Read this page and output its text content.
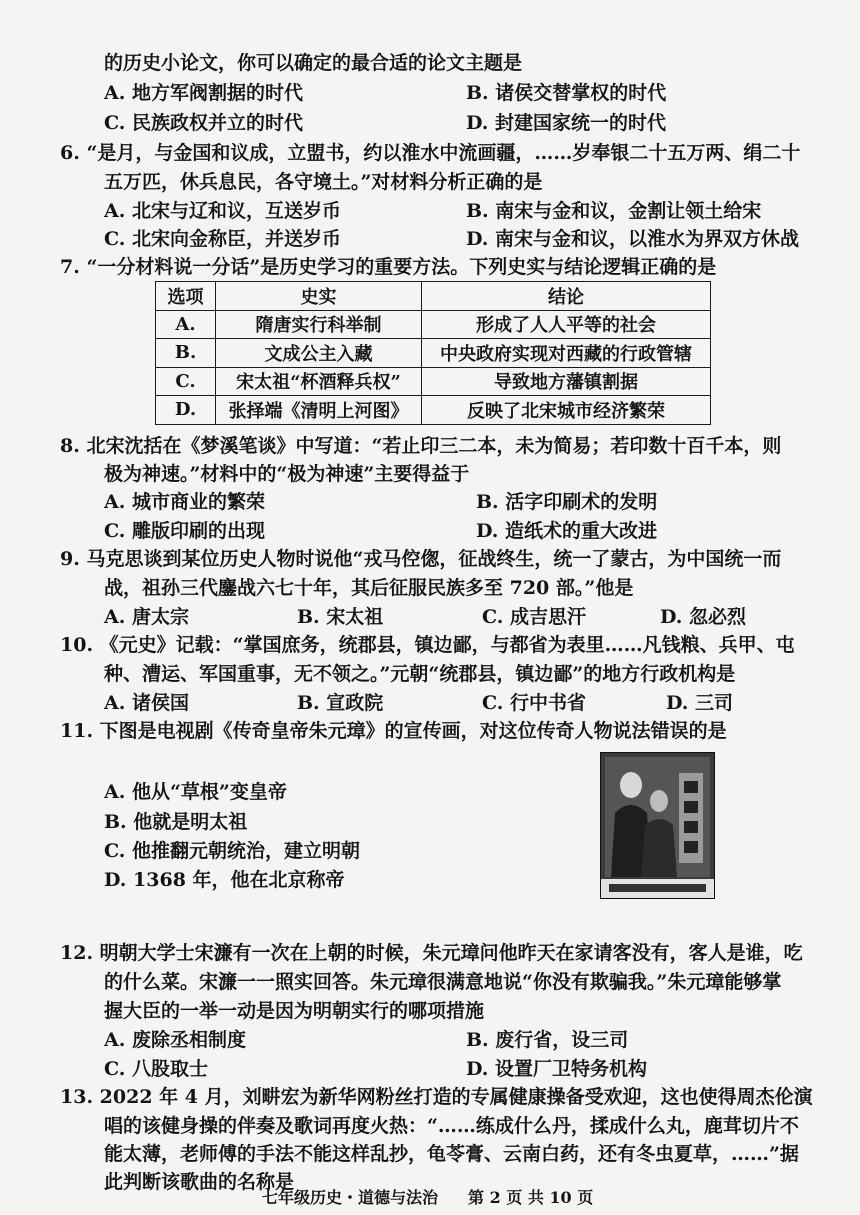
的历史小论文，你可以确定的最合适的论文主题是
A. 地方军阀割据的时代	B. 诸侯交替掌权的时代
C. 民族政权并立的时代	D. 封建国家统一的时代
6. “是月，与金国和议成，立盟书，约以淮水中流画疆，……岁奉银二十五万两、绢二十
五万匹，休兵息民，各守境土。”对材料分析正确的是
A. 北宋与辽和议，互送岁币	B. 南宋与金和议，金割让领土给宋
C. 北宋向金称臣，并送岁币	D. 南宋与金和议，以淮水为界双方休战
7. “一分材料说一分话”是历史学习的重要方法。下列史实与结论逻辑正确的是
选项	史实	结论
A.	隋唐实行科举制	形成了人人平等的社会
B.	文成公主入藏	中央政府实现对西藏的行政管辖
C.	宋太祖“杯酒释兵权”	导致地方藩镇割据
D.	张择端《清明上河图》	反映了北宋城市经济繁荣
8. 北宋沈括在《梦溪笔谈》中写道：“若止印三二本，未为简易；若印数十百千本，则
极为神速。”材料中的“极为神速”主要得益于
A. 城市商业的繁荣	B. 活字印刷术的发明
C. 雕版印刷的出现	D. 造纸术的重大改进
9. 马克思谈到某位历史人物时说他“戎马倥偬，征战终生，统一了蒙古，为中国统一而
战，祖孙三代鏖战六七十年，其后征服民族多至 720 部。”他是
A. 唐太宗	B. 宋太祖	C. 成吉思汗	D. 忽必烈
10. 《元史》记载：“掌国庶务，统郡县，镇边鄙，与都省为表里……凡钱粮、兵甲、屯
种、漕运、军国重事，无不领之。”元朝“统郡县，镇边鄙”的地方行政机构是
A. 诸侯国	B. 宣政院	C. 行中书省	D. 三司
11. 下图是电视剧《传奇皇帝朱元璋》的宣传画，对这位传奇人物说法错误的是
A. 他从“草根”变皇帝
B. 他就是明太祖
C. 他推翻元朝统治，建立明朝
D. 1368 年，他在北京称帝
12. 明朝大学士宋濂有一次在上朝的时候，朱元璋问他昨天在家请客没有，客人是谁，吃
的什么菜。宋濂一一照实回答。朱元璋很满意地说“你没有欺骗我。”朱元璋能够掌
握大臣的一举一动是因为明朝实行的哪项措施
A. 废除丞相制度	B. 废行省，设三司
C. 八股取士	D. 设置厂卫特务机构
13. 2022 年 4 月，刘畊宏为新华网粉丝打造的专属健康操备受欢迎，这也使得周杰伦演
唱的该健身操的伴奏及歌词再度火热：“……练成什么丹，揉成什么丸，鹿茸切片不
能太薄，老师傅的手法不能这样乱抄，龟苓膏、云南白药，还有冬虫夏草，……”据
此判断该歌曲的名称是
七年级历史・道德与法治 第 2 页 共 10 页
